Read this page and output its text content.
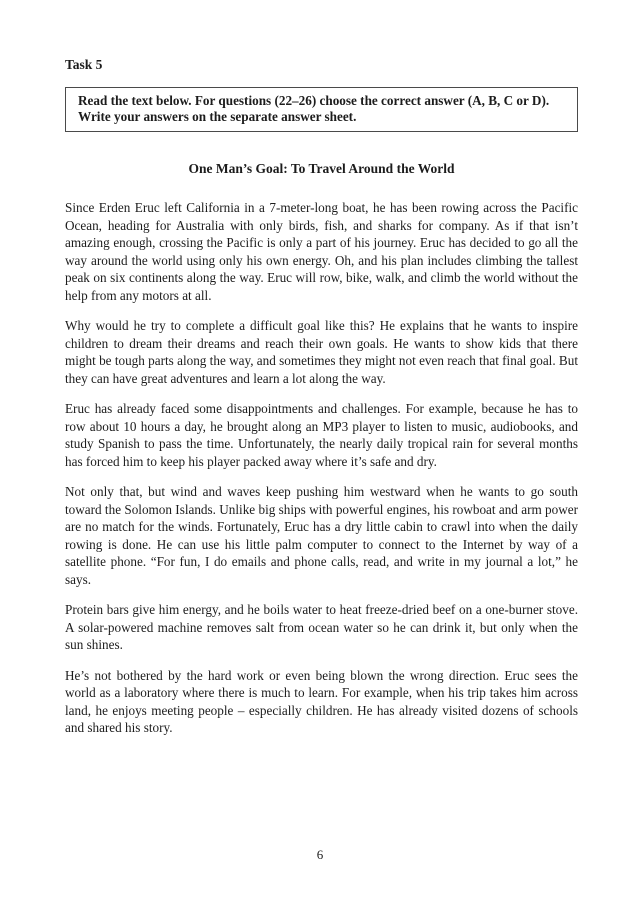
Task 5

Read the text below. For questions (22–26) choose the correct answer (A, B, C or D). Write your answers on the separate answer sheet.

One Man’s Goal: To Travel Around the World

Since Erden Eruc left California in a 7-meter-long boat, he has been rowing across the Pacific Ocean, heading for Australia with only birds, fish, and sharks for company. As if that isn’t amazing enough, crossing the Pacific is only a part of his journey. Eruc has decided to go all the way around the world using only his own energy. Oh, and his plan includes climbing the tallest peak on six continents along the way. Eruc will row, bike, walk, and climb the world without the help from any motors at all.

Why would he try to complete a difficult goal like this? He explains that he wants to inspire children to dream their dreams and reach their own goals. He wants to show kids that there might be tough parts along the way, and sometimes they might not even reach that final goal. But they can have great adventures and learn a lot along the way.

Eruc has already faced some disappointments and challenges. For example, because he has to row about 10 hours a day, he brought along an MP3 player to listen to music, audiobooks, and study Spanish to pass the time. Unfortunately, the nearly daily tropical rain for several months has forced him to keep his player packed away where it’s safe and dry.

Not only that, but wind and waves keep pushing him westward when he wants to go south toward the Solomon Islands. Unlike big ships with powerful engines, his rowboat and arm power are no match for the winds. Fortunately, Eruc has a dry little cabin to crawl into when the daily rowing is done. He can use his little palm computer to connect to the Internet by way of a satellite phone. “For fun, I do emails and phone calls, read, and write in my journal a lot,” he says.

Protein bars give him energy, and he boils water to heat freeze-dried beef on a one-burner stove. A solar-powered machine removes salt from ocean water so he can drink it, but only when the sun shines.

He’s not bothered by the hard work or even being blown the wrong direction. Eruc sees the world as a laboratory where there is much to learn. For example, when his trip takes him across land, he enjoys meeting people – especially children. He has already visited dozens of schools and shared his story.

6
